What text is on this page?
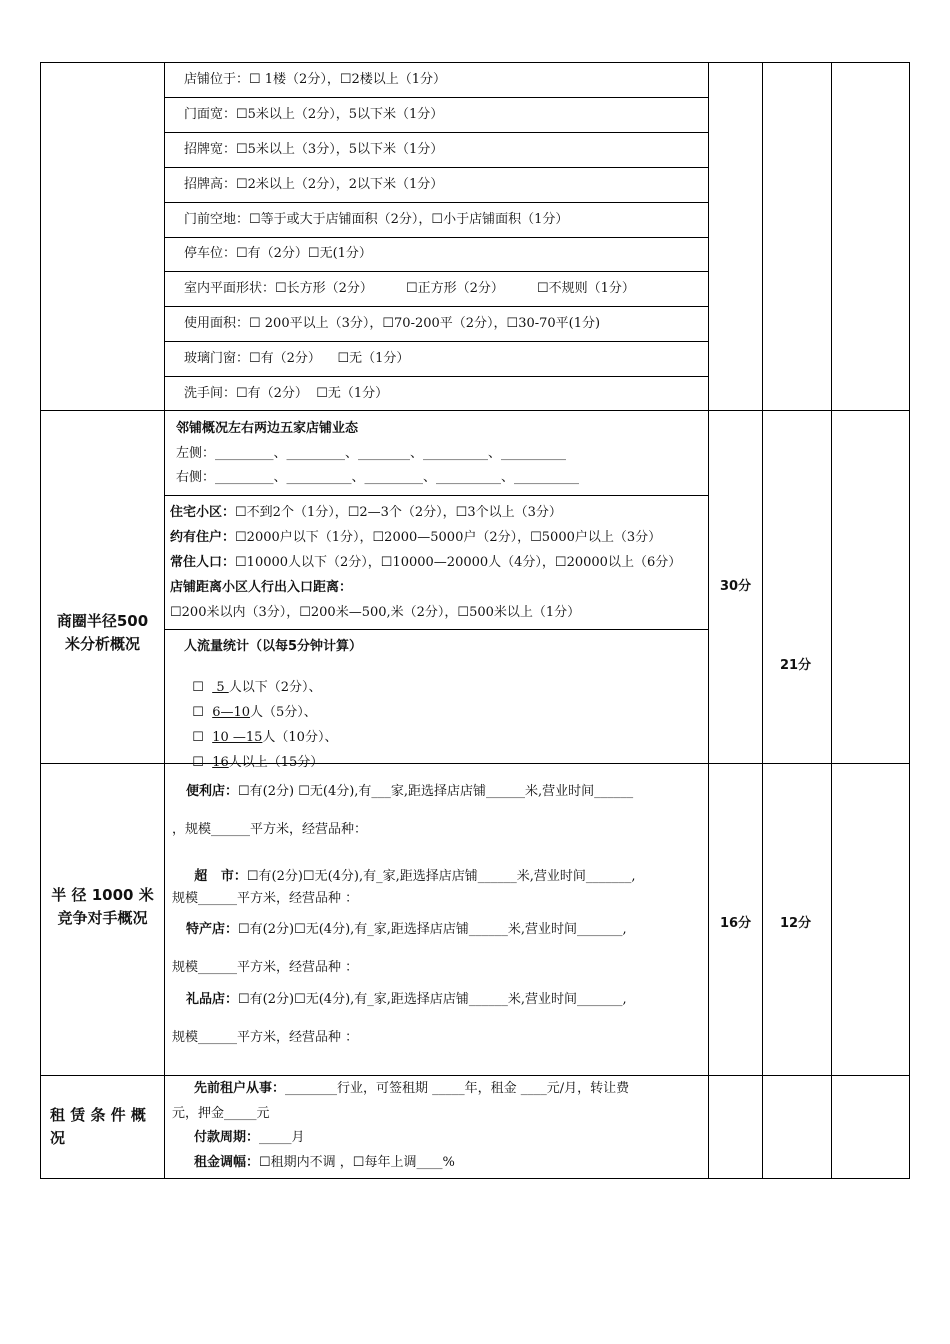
店铺位于：☐ 1楼（2分），☐2楼以上（1分）
门面宽：☐5米以上（2分），5以下米（1分）
招牌宽：☐5米以上（3分），5以下米（1分）
招牌高：☐2米以上（2分），2以下米（1分）
门前空地：☐等于或大于店铺面积（2分），☐小于店铺面积（1分）
停车位：☐有（2分）☐无(1分）
室内平面形状：☐长方形（2分）        ☐正方形（2分）        ☐不规则（1分）
使用面积：☐ 200平以上（3分），☐70-200平（2分），☐30-70平(1分)
玻璃门窗：☐有（2分）    ☐无（1分）
洗手间：☐有（2分）  ☐无（1分）
商圈半径500
米分析概况
邻铺概况左右两边五家店铺业态
左侧：_________、_________、________、__________、__________
右侧：_________、__________、_________、__________、__________
住宅小区：☐不到2个（1分），☐2—3个（2分），☐3个以上（3分）
约有住户：☐2000户以下（1分），☐2000—5000户（2分），☐5000户以上（3分）
常住人口：☐10000人以下（2分），☐10000—20000人（4分），☐20000以上（6分）
店铺距离小区人行出入口距离：
☐200米以内（3分），☐200米—500,米（2分），☐500米以上（1分）
人流量统计（以每5分钟计算）

☐   5 人以下（2分）、

☐ 6—10人（5分）、

☐ 10 —15人（10分）、

☐ 16人以上（15分）

30分
21分
半 径 1000 米
竞争对手概况
便利店：☐有(2分) ☐无(4分),有___家,距选择店店铺______米,营业时间______
，规模______平方米，经营品种：

超   市：☐有(2分)☐无(4分),有_家,距选择店店铺______米,营业时间_______,

规模______平方米，经营品种 ：
特产店：☐有(2分)☐无(4分),有_家,距选择店店铺______米,营业时间_______,
规模______平方米，经营品种 ：
礼品店：☐有(2分)☐无(4分),有_家,距选择店店铺______米,营业时间_______,
规模______平方米，经营品种 ：
16分 12分
租 赁 条 件 概
况
先前租户从事：________行业，可签租期 _____年，租金 ____元/月，转让费
元，押金_____元
付款周期：_____月
租金调幅：☐租期内不调 ，☐每年上调____%
